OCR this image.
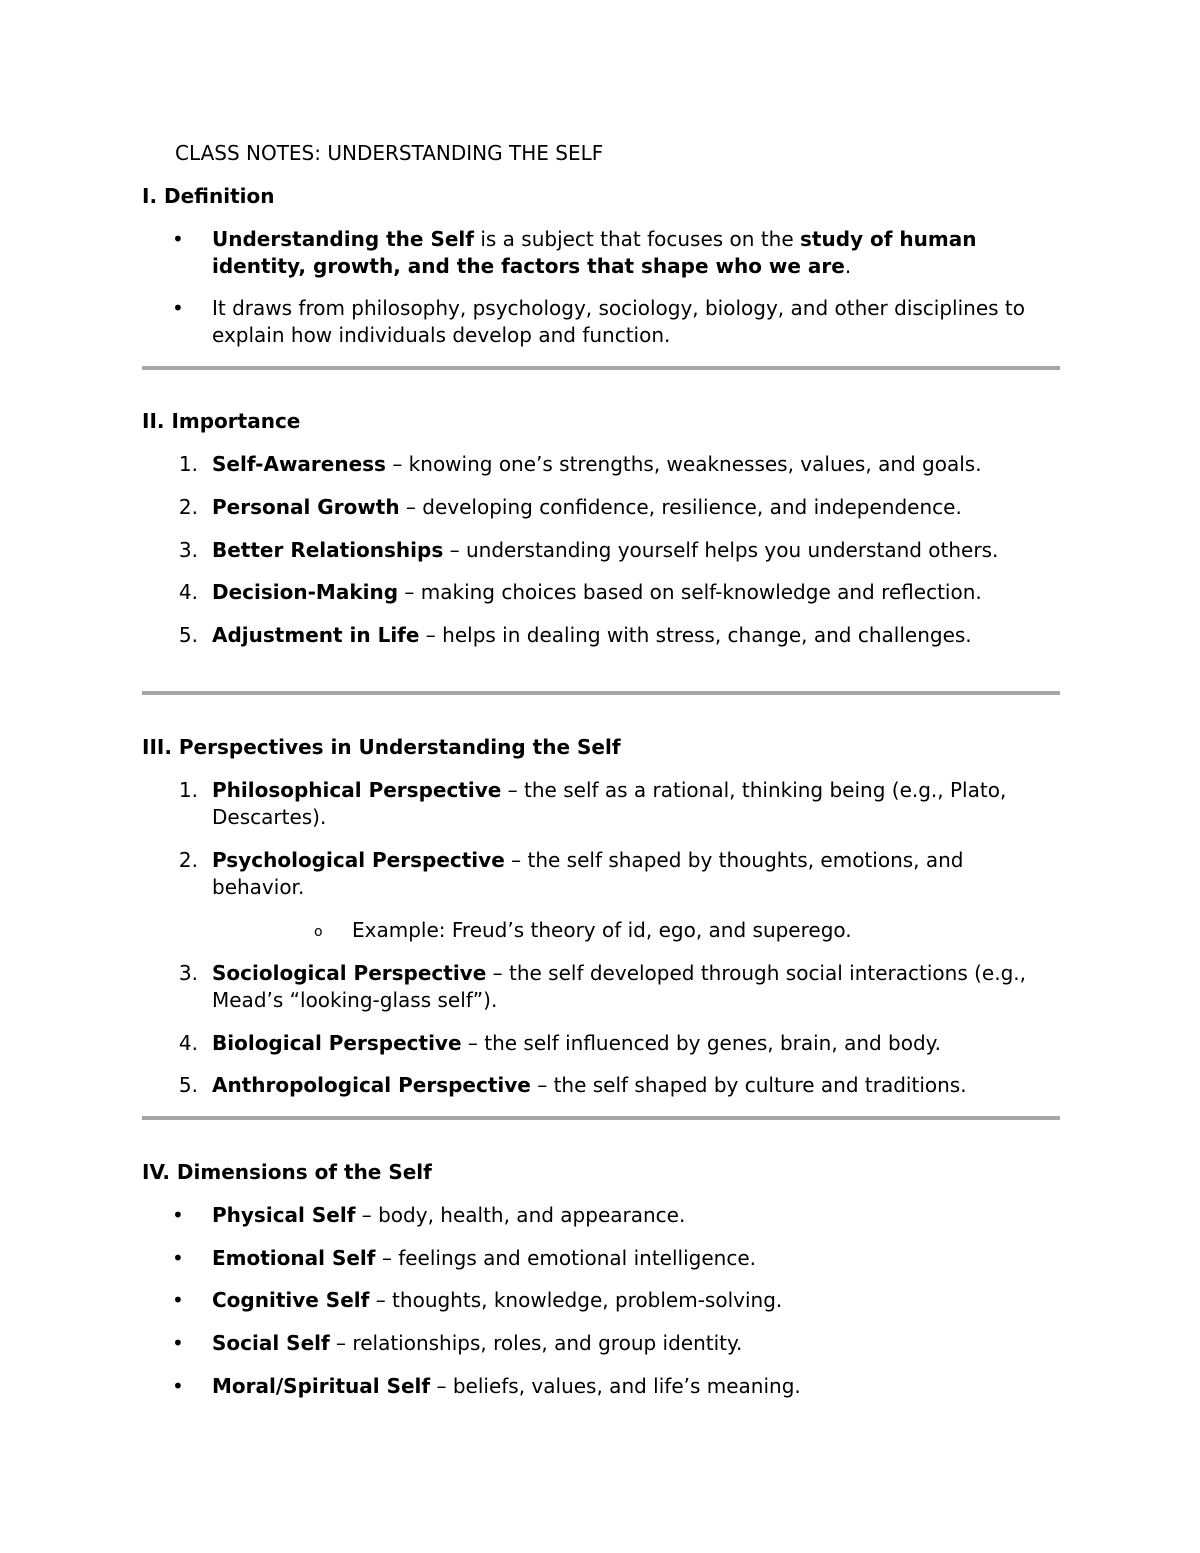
CLASS NOTES: UNDERSTANDING THE SELF
I. Definition
• Understanding the Self is a subject that focuses on the study of human identity, growth, and the factors that shape who we are.
• It draws from philosophy, psychology, sociology, biology, and other disciplines to explain how individuals develop and function.
II. Importance
1. Self-Awareness – knowing one’s strengths, weaknesses, values, and goals.
2. Personal Growth – developing confidence, resilience, and independence.
3. Better Relationships – understanding yourself helps you understand others.
4. Decision-Making – making choices based on self-knowledge and reflection.
5. Adjustment in Life – helps in dealing with stress, change, and challenges.
III. Perspectives in Understanding the Self
1. Philosophical Perspective – the self as a rational, thinking being (e.g., Plato, Descartes).
2. Psychological Perspective – the self shaped by thoughts, emotions, and behavior.
o Example: Freud’s theory of id, ego, and superego.
3. Sociological Perspective – the self developed through social interactions (e.g., Mead’s “looking-glass self”).
4. Biological Perspective – the self influenced by genes, brain, and body.
5. Anthropological Perspective – the self shaped by culture and traditions.
IV. Dimensions of the Self
• Physical Self – body, health, and appearance.
• Emotional Self – feelings and emotional intelligence.
• Cognitive Self – thoughts, knowledge, problem-solving.
• Social Self – relationships, roles, and group identity.
• Moral/Spiritual Self – beliefs, values, and life’s meaning.
